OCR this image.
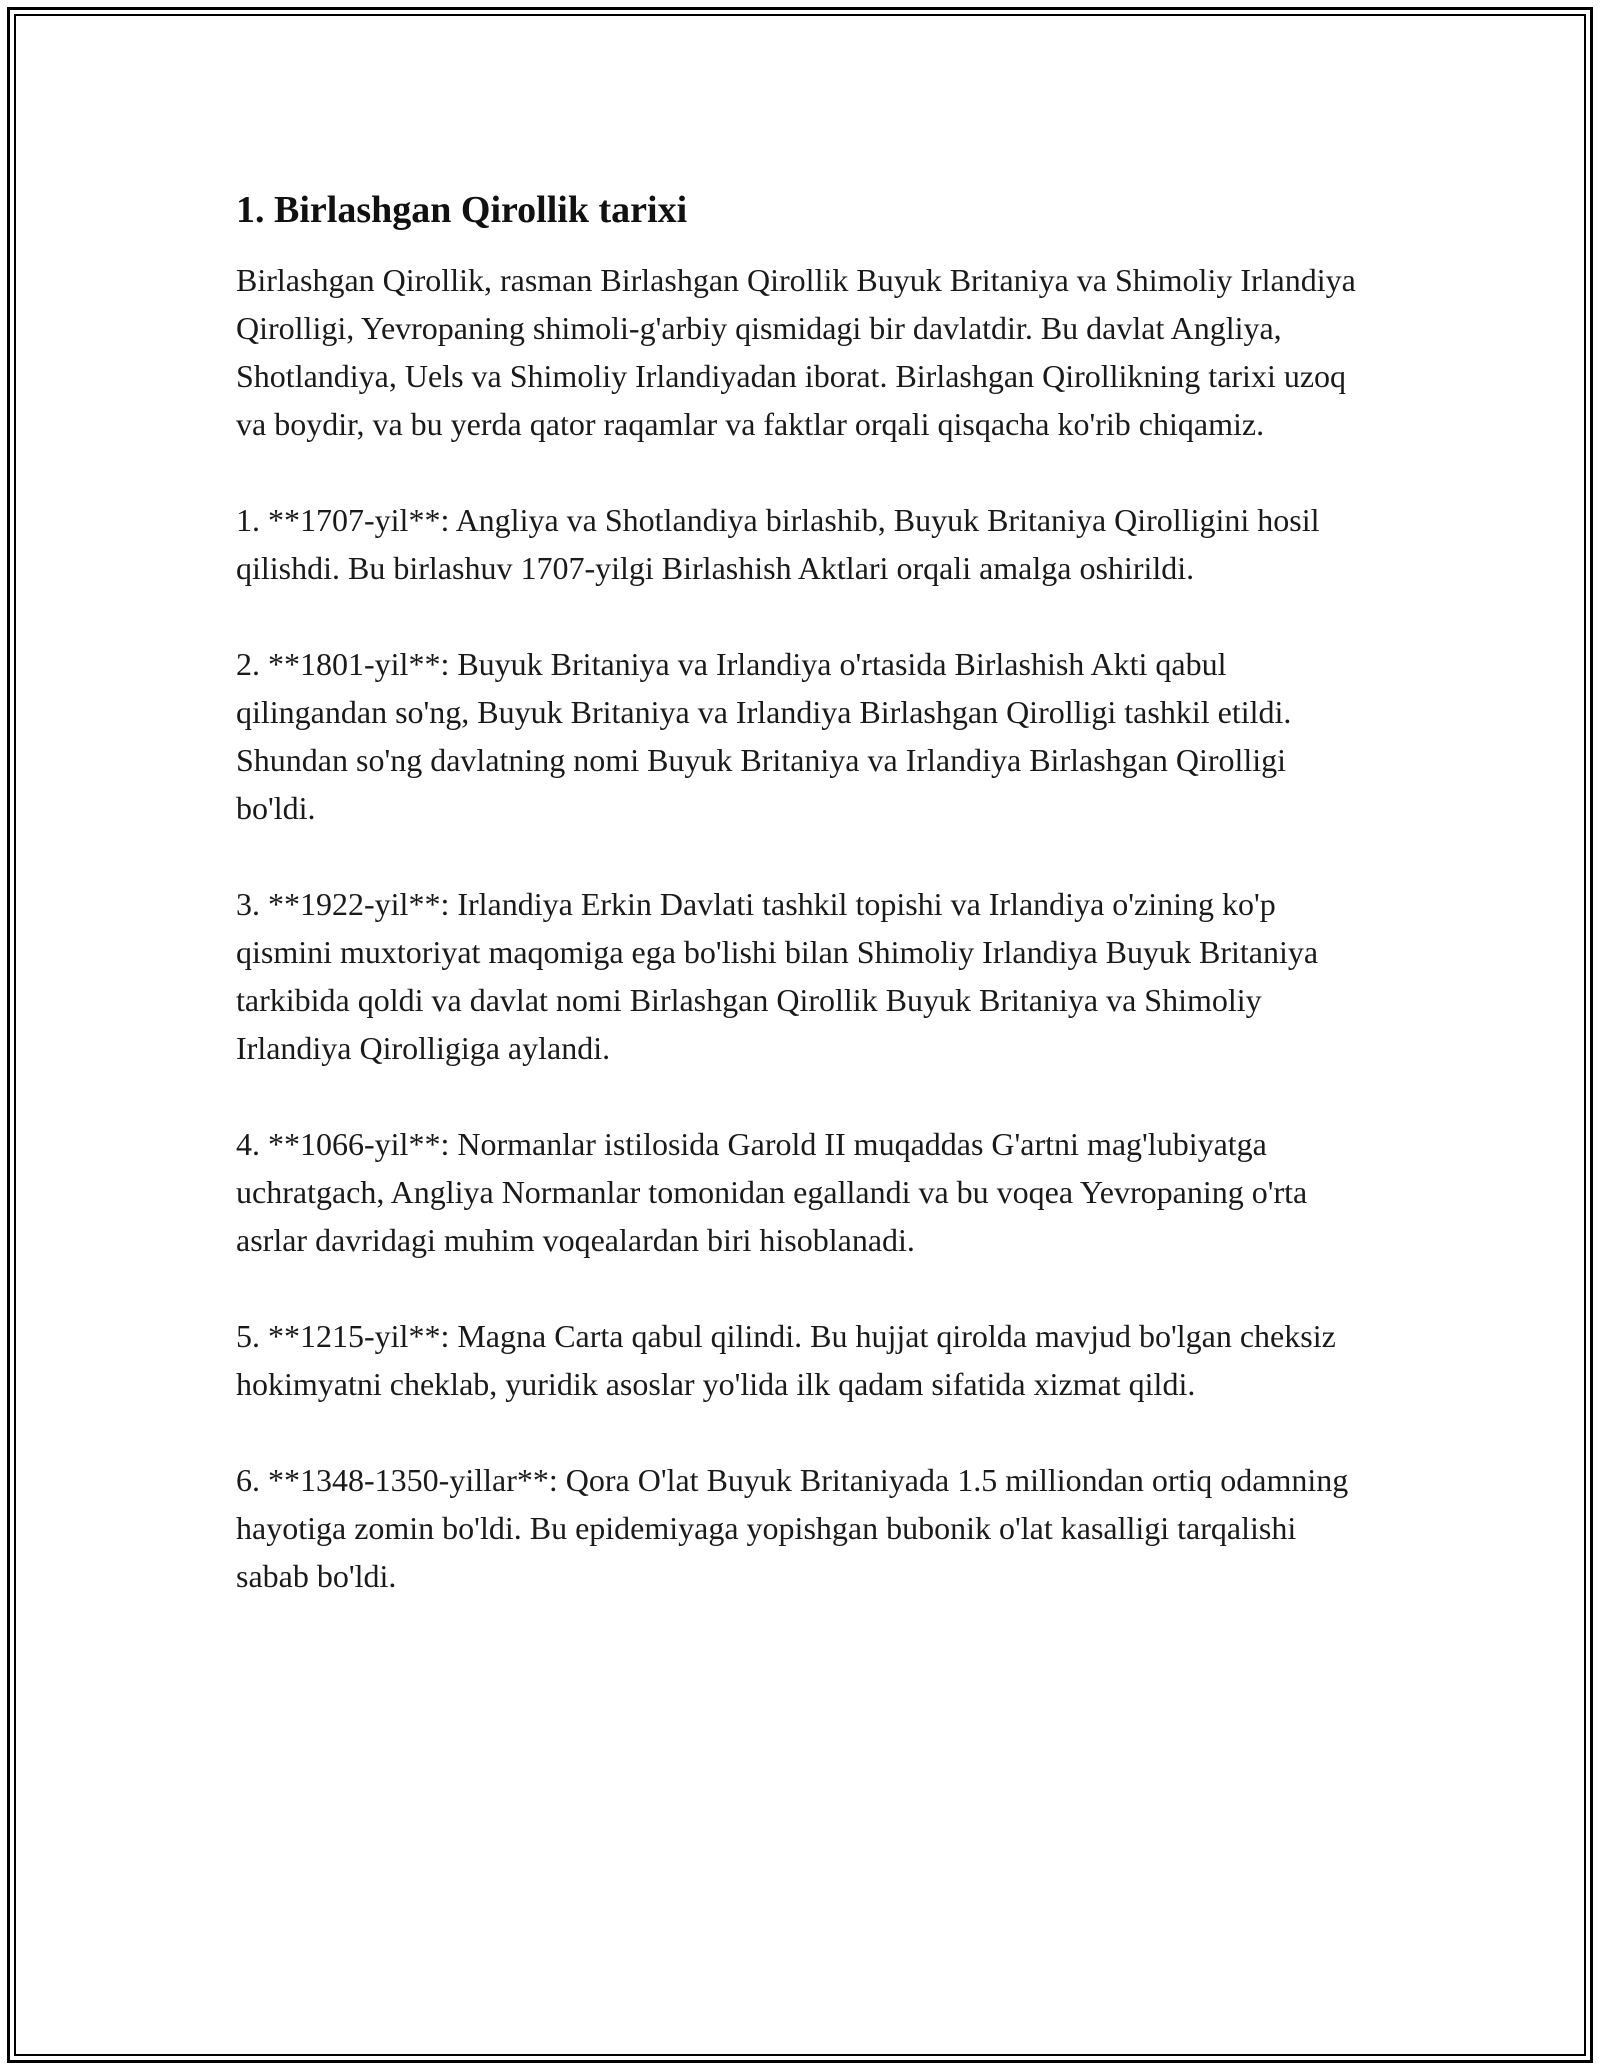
1. Birlashgan Qirollik tarixi

Birlashgan Qirollik, rasman Birlashgan Qirollik Buyuk Britaniya va Shimoliy Irlandiya Qirolligi, Yevropaning shimoli-g'arbiy qismidagi bir davlatdir. Bu davlat Angliya, Shotlandiya, Uels va Shimoliy Irlandiyadan iborat. Birlashgan Qirollikning tarixi uzoq va boydir, va bu yerda qator raqamlar va faktlar orqali qisqacha ko'rib chiqamiz.

1. **1707-yil**: Angliya va Shotlandiya birlashib, Buyuk Britaniya Qirolligini hosil qilishdi. Bu birlashuv 1707-yilgi Birlashish Aktlari orqali amalga oshirildi.

2. **1801-yil**: Buyuk Britaniya va Irlandiya o'rtasida Birlashish Akti qabul qilingandan so'ng, Buyuk Britaniya va Irlandiya Birlashgan Qirolligi tashkil etildi. Shundan so'ng davlatning nomi Buyuk Britaniya va Irlandiya Birlashgan Qirolligi bo'ldi.

3. **1922-yil**: Irlandiya Erkin Davlati tashkil topishi va Irlandiya o'zining ko'p qismini muxtoriyat maqomiga ega bo'lishi bilan Shimoliy Irlandiya Buyuk Britaniya tarkibida qoldi va davlat nomi Birlashgan Qirollik Buyuk Britaniya va Shimoliy Irlandiya Qirolligiga aylandi.

4. **1066-yil**: Normanlar istilosida Garold II muqaddas G'artni mag'lubiyatga uchratgach, Angliya Normanlar tomonidan egallandi va bu voqea Yevropaning o'rta asrlar davridagi muhim voqealardan biri hisoblanadi.

5. **1215-yil**: Magna Carta qabul qilindi. Bu hujjat qirolda mavjud bo'lgan cheksiz hokimyatni cheklab, yuridik asoslar yo'lida ilk qadam sifatida xizmat qildi.

6. **1348-1350-yillar**: Qora O'lat Buyuk Britaniyada 1.5 milliondan ortiq odamning hayotiga zomin bo'ldi. Bu epidemiyaga yopishgan bubonik o'lat kasalligi tarqalishi sabab bo'ldi.
